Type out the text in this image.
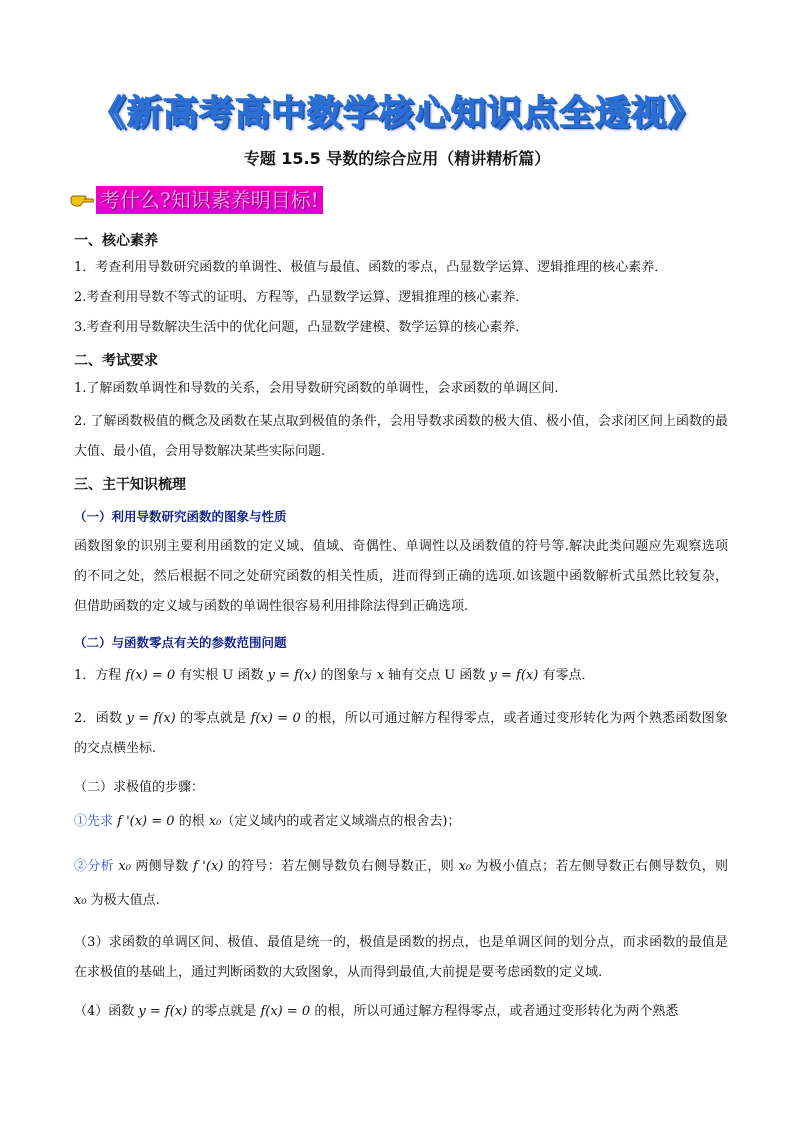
《新高考高中数学核心知识点全透视》
专题 15.5 导数的综合应用（精讲精析篇）
考什么?知识素养明目标!
一、核心素养
1．考查利用导数研究函数的单调性、极值与最值、函数的零点，凸显数学运算、逻辑推理的核心素养．
2.考查利用导数不等式的证明、方程等，凸显数学运算、逻辑推理的核心素养．
3.考查利用导数解决生活中的优化问题，凸显数学建模、数学运算的核心素养．
二、考试要求
1.了解函数单调性和导数的关系，会用导数研究函数的单调性，会求函数的单调区间.
2. 了解函数极值的概念及函数在某点取到极值的条件，会用导数求函数的极大值、极小值，会求闭区间上函数的最大值、最小值，会用导数解决某些实际问题.
三、主干知识梳理
（一）利用导数研究函数的图象与性质
函数图象的识别主要利用函数的定义域、值域、奇偶性、单调性以及函数值的符号等.解决此类问题应先观察选项的不同之处，然后根据不同之处研究函数的相关性质，进而得到正确的选项.如该题中函数解析式虽然比较复杂，但借助函数的定义域与函数的单调性很容易利用排除法得到正确选项.
（二）与函数零点有关的参数范围问题
1．方程 f(x) = 0 有实根 U 函数 y = f(x) 的图象与 x 轴有交点 U 函数 y = f(x) 有零点．
2．函数 y = f(x) 的零点就是 f(x) = 0 的根，所以可通过解方程得零点，或者通过变形转化为两个熟悉函数图象的交点横坐标.
（二）求极值的步骤：
①先求 f '(x) = 0 的根 x₀（定义域内的或者定义域端点的根舍去)；
②分析 x₀ 两侧导数 f '(x) 的符号：若左侧导数负右侧导数正，则 x₀ 为极小值点；若左侧导数正右侧导数负，则 x₀ 为极大值点.
（3）求函数的单调区间、极值、最值是统一的，极值是函数的拐点，也是单调区间的划分点，而求函数的最值是在求极值的基础上，通过判断函数的大致图象，从而得到最值,大前提是要考虑函数的定义域.
（4）函数 y = f(x) 的零点就是 f(x) = 0 的根，所以可通过解方程得零点，或者通过变形转化为两个熟悉
